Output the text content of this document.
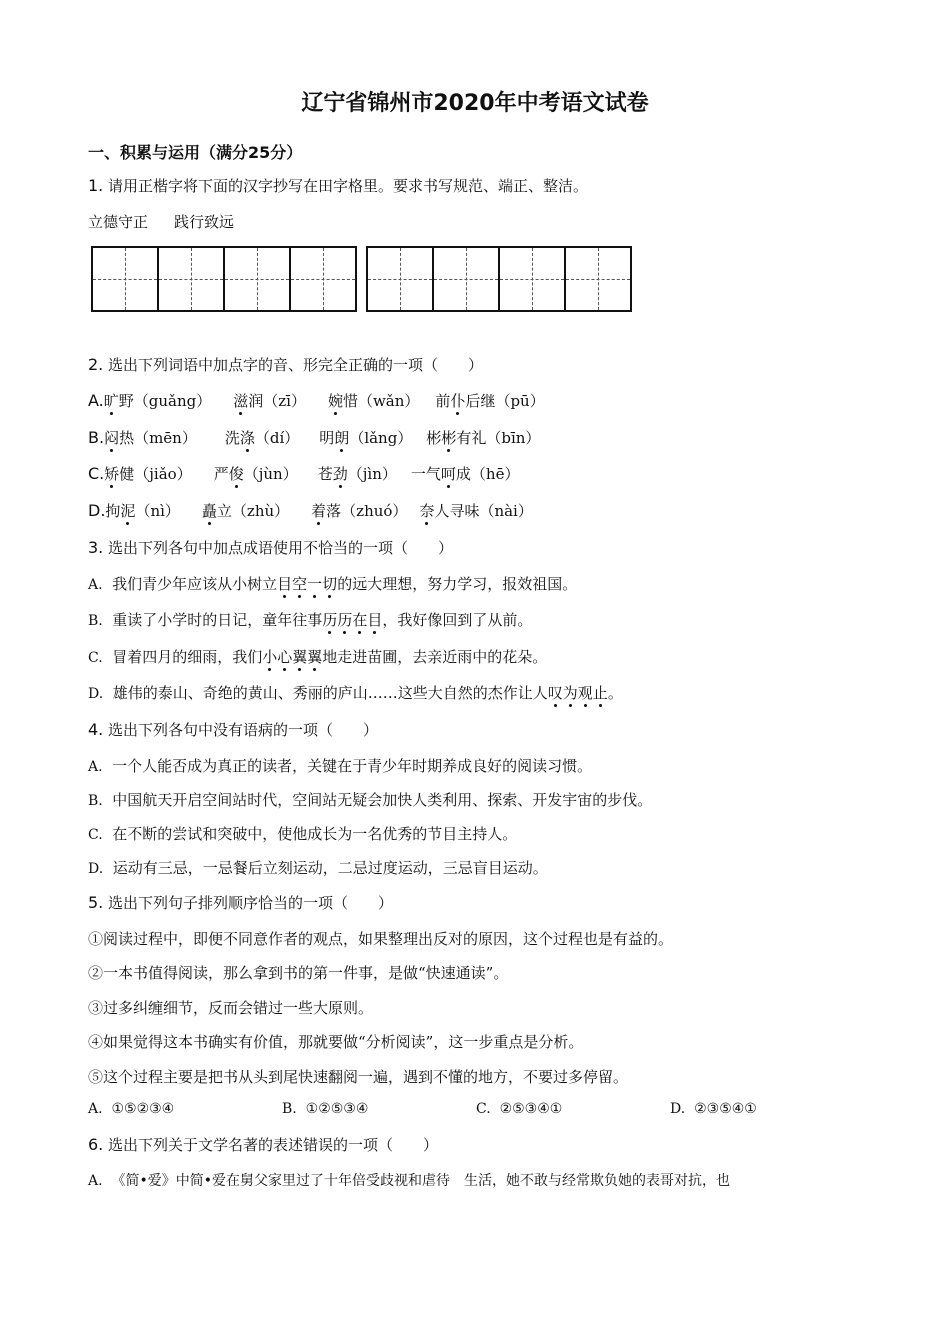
辽宁省锦州市2020年中考语文试卷
一、积累与运用（满分25分）
1. 请用正楷字将下面的汉字抄写在田字格里。要求书写规范、端正、整洁。
立德守正 践行致远
2. 选出下列词语中加点字的音、形完全正确的一项（　　）
A.旷野（guǎng） 滋润（zī） 婉惜（wǎn） 前仆后继（pū）
B.闷热（mēn） 洗涤（dí） 明朗（lǎng） 彬彬有礼（bīn）
C.矫健（jiǎo） 严俊（jùn） 苍劲（jìn） 一气呵成（hē）
D.拘泥（nì） 矗立（zhù） 着落（zhuó） 奈人寻味（nài）
3. 选出下列各句中加点成语使用不恰当的一项（　　）
A. 我们青少年应该从小树立目空一切的远大理想，努力学习，报效祖国。
B. 重读了小学时的日记，童年往事历历在目，我好像回到了从前。
C. 冒着四月的细雨，我们小心翼翼地走进苗圃，去亲近雨中的花朵。
D. 雄伟的泰山、奇绝的黄山、秀丽的庐山……这些大自然的杰作让人叹为观止。
4. 选出下列各句中没有语病的一项（　　）
A. 一个人能否成为真正的读者，关键在于青少年时期养成良好的阅读习惯。
B. 中国航天开启空间站时代，空间站无疑会加快人类利用、探索、开发宇宙的步伐。
C. 在不断的尝试和突破中，使他成长为一名优秀的节目主持人。
D. 运动有三忌，一忌餐后立刻运动，二忌过度运动，三忌盲目运动。
5. 选出下列句子排列顺序恰当的一项（　　）
①阅读过程中，即便不同意作者的观点，如果整理出反对的原因，这个过程也是有益的。
②一本书值得阅读，那么拿到书的第一件事，是做“快速通读”。
③过多纠缠细节，反而会错过一些大原则。
④如果觉得这本书确实有价值，那就要做“分析阅读”，这一步重点是分析。
⑤这个过程主要是把书从头到尾快速翻阅一遍，遇到不懂的地方，不要过多停留。
A. ①⑤②③④	B. ①②⑤③④	C. ②⑤③④①	D. ②③⑤④①
6. 选出下列关于文学名著的表述错误的一项（　　）
A. 《简•爱》中简•爱在舅父家里过了十年倍受歧视和虐待　生活，她不敢与经常欺负她的表哥对抗，也
